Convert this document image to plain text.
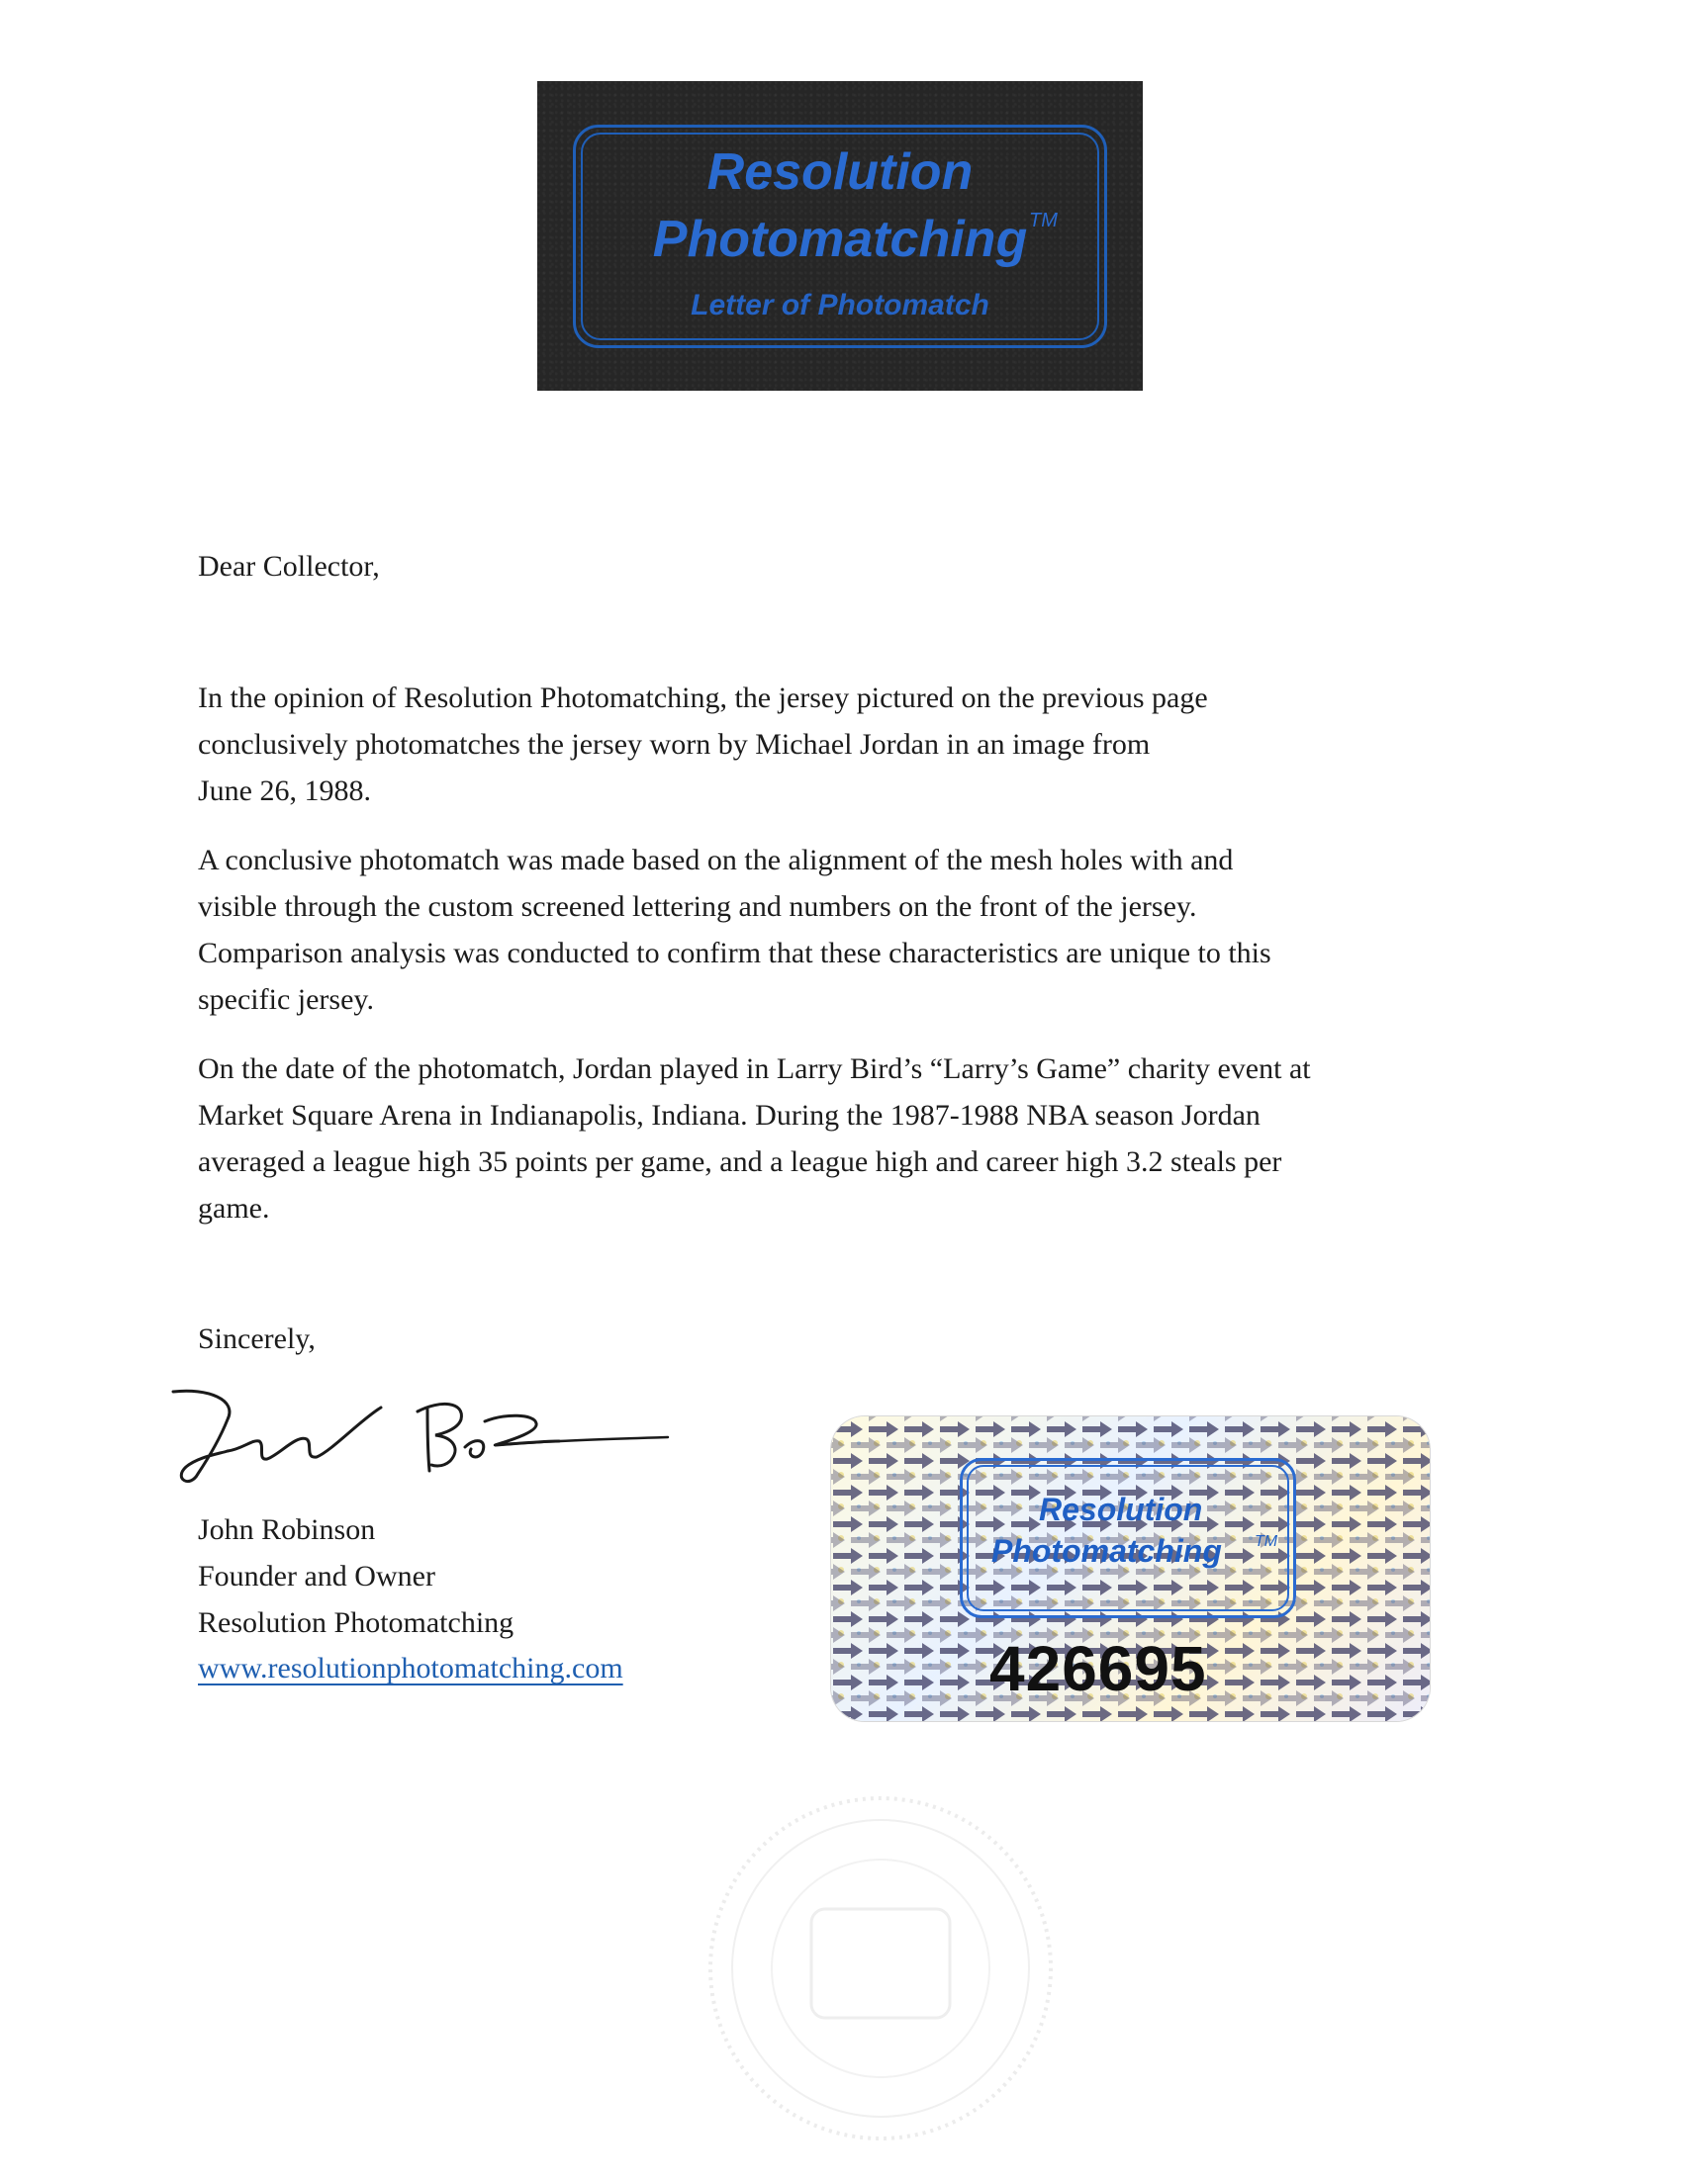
Resolution
Photomatching
Letter of Photomatch
TM
Dear Collector,
In the opinion of Resolution Photomatching, the jersey pictured on the previous page
conclusively photomatches the jersey worn by Michael Jordan in an image from
June 26, 1988.
A conclusive photomatch was made based on the alignment of the mesh holes with and
visible through the custom screened lettering and numbers on the front of the jersey.
Comparison analysis was conducted to confirm that these characteristics are unique to this
specific jersey.
On the date of the photomatch, Jordan played in Larry Bird’s “Larry’s Game” charity event at
Market Square Arena in Indianapolis, Indiana. During the 1987-1988 NBA season Jordan
averaged a league high 35 points per game, and a league high and career high 3.2 steals per
game.
Sincerely,
John Robinson
Founder and Owner
Resolution Photomatching
www.resolutionphotomatching.com
Resolution
Photomatching TM
426695
